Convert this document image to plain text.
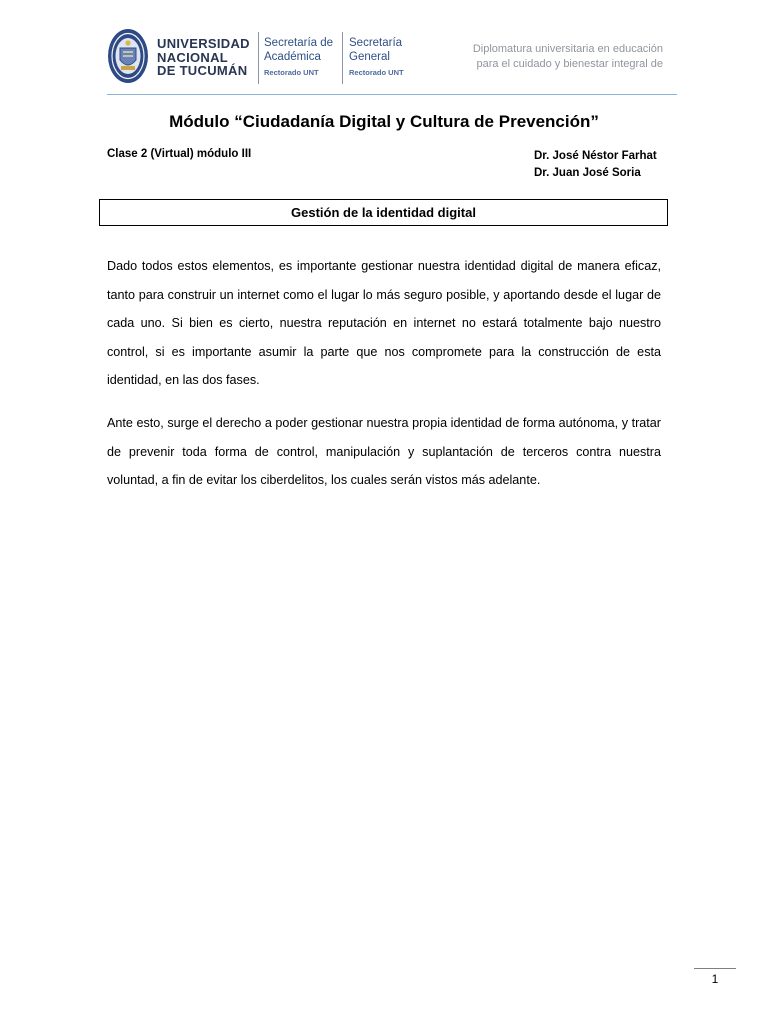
UNIVERSIDAD
NACIONAL
DE TUCUMÁN
Secretaría de
Académica
Rectorado UNT
Secretaría
General
Rectorado UNT
Diplomatura universitaria en educación
para el cuidado y bienestar integral de
Módulo “Ciudadanía Digital y Cultura de Prevención”
Clase 2 (Virtual) módulo III	Dr. José Néstor Farhat
Dr. Juan José Soria
Gestión de la identidad digital

Dado todos estos elementos, es importante gestionar nuestra identidad digital de manera eficaz, tanto para construir un internet como el lugar lo más seguro posible, y aportando desde el lugar de cada uno. Si bien es cierto, nuestra reputación en internet no estará totalmente bajo nuestro control, si es importante asumir la parte que nos compromete para la construcción de esta identidad, en las dos fases.

Ante esto, surge el derecho a poder gestionar nuestra propia identidad de forma autónoma, y tratar de prevenir toda forma de control, manipulación y suplantación de terceros contra nuestra voluntad, a fin de evitar los ciberdelitos, los cuales serán vistos más adelante.

1
